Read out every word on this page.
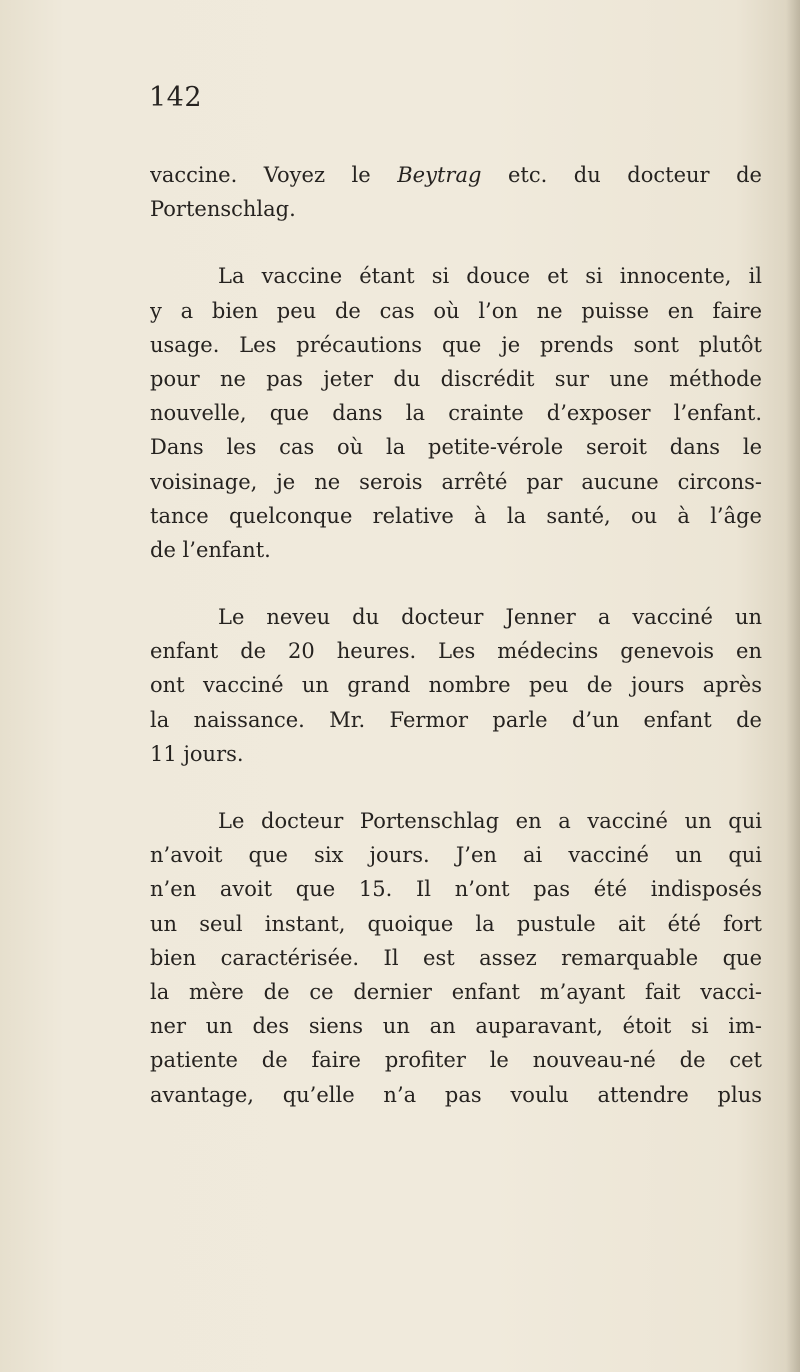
142
vaccine. Voyez le Beytrag etc. du docteur de
Portenschlag.
La vaccine étant si douce et si innocente, il
y a bien peu de cas où l’on ne puisse en faire
usage. Les précautions que je prends sont plutôt
pour ne pas jeter du discrédit sur une méthode
nouvelle, que dans la crainte d’exposer l’enfant.
Dans les cas où la petite-vérole seroit dans le
voisinage, je ne serois arrêté par aucune circons-
tance quelconque relative à la santé, ou à l’âge
de l’enfant.
Le neveu du docteur Jenner a vacciné un
enfant de 20 heures. Les médecins genevois en
ont vacciné un grand nombre peu de jours après
la naissance. Mr. Fermor parle d’un enfant de
11 jours.
Le docteur Portenschlag en a vacciné un qui
n’avoit que six jours. J’en ai vacciné un qui
n’en avoit que 15. Il n’ont pas été indisposés
un seul instant, quoique la pustule ait été fort
bien caractérisée. Il est assez remarquable que
la mère de ce dernier enfant m’ayant fait vacci-
ner un des siens un an auparavant, étoit si im-
patiente de faire profiter le nouveau-né de cet
avantage, qu’elle n’a pas voulu attendre plus
